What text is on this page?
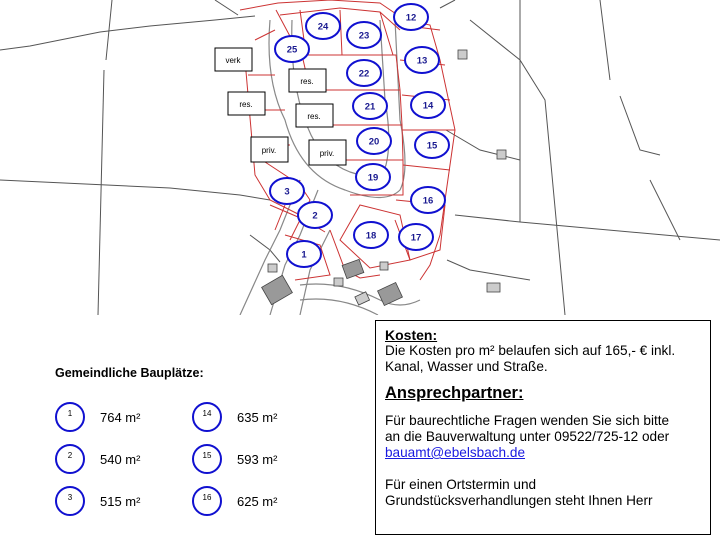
verk
res.
res.
res.
priv.	priv.
1
2
3
12
13
14
15
16
17
18
19
20
21
22
23
24
25
Gemeindliche Bauplätze:
1	764 m²	14	635 m²
2	540 m²	15	593 m²
3	515 m²	16	625 m²

Kosten:

Die Kosten pro m² belaufen sich auf 165,- € inkl.

Kanal, Wasser und Straße.

Ansprechpartner:

Für baurechtliche Fragen wenden Sie sich bitte

an die Bauverwaltung unter 09522/725-12 oder

bauamt@ebelsbach.de

Für einen Ortstermin und

Grundstücksverhandlungen steht Ihnen Herr
